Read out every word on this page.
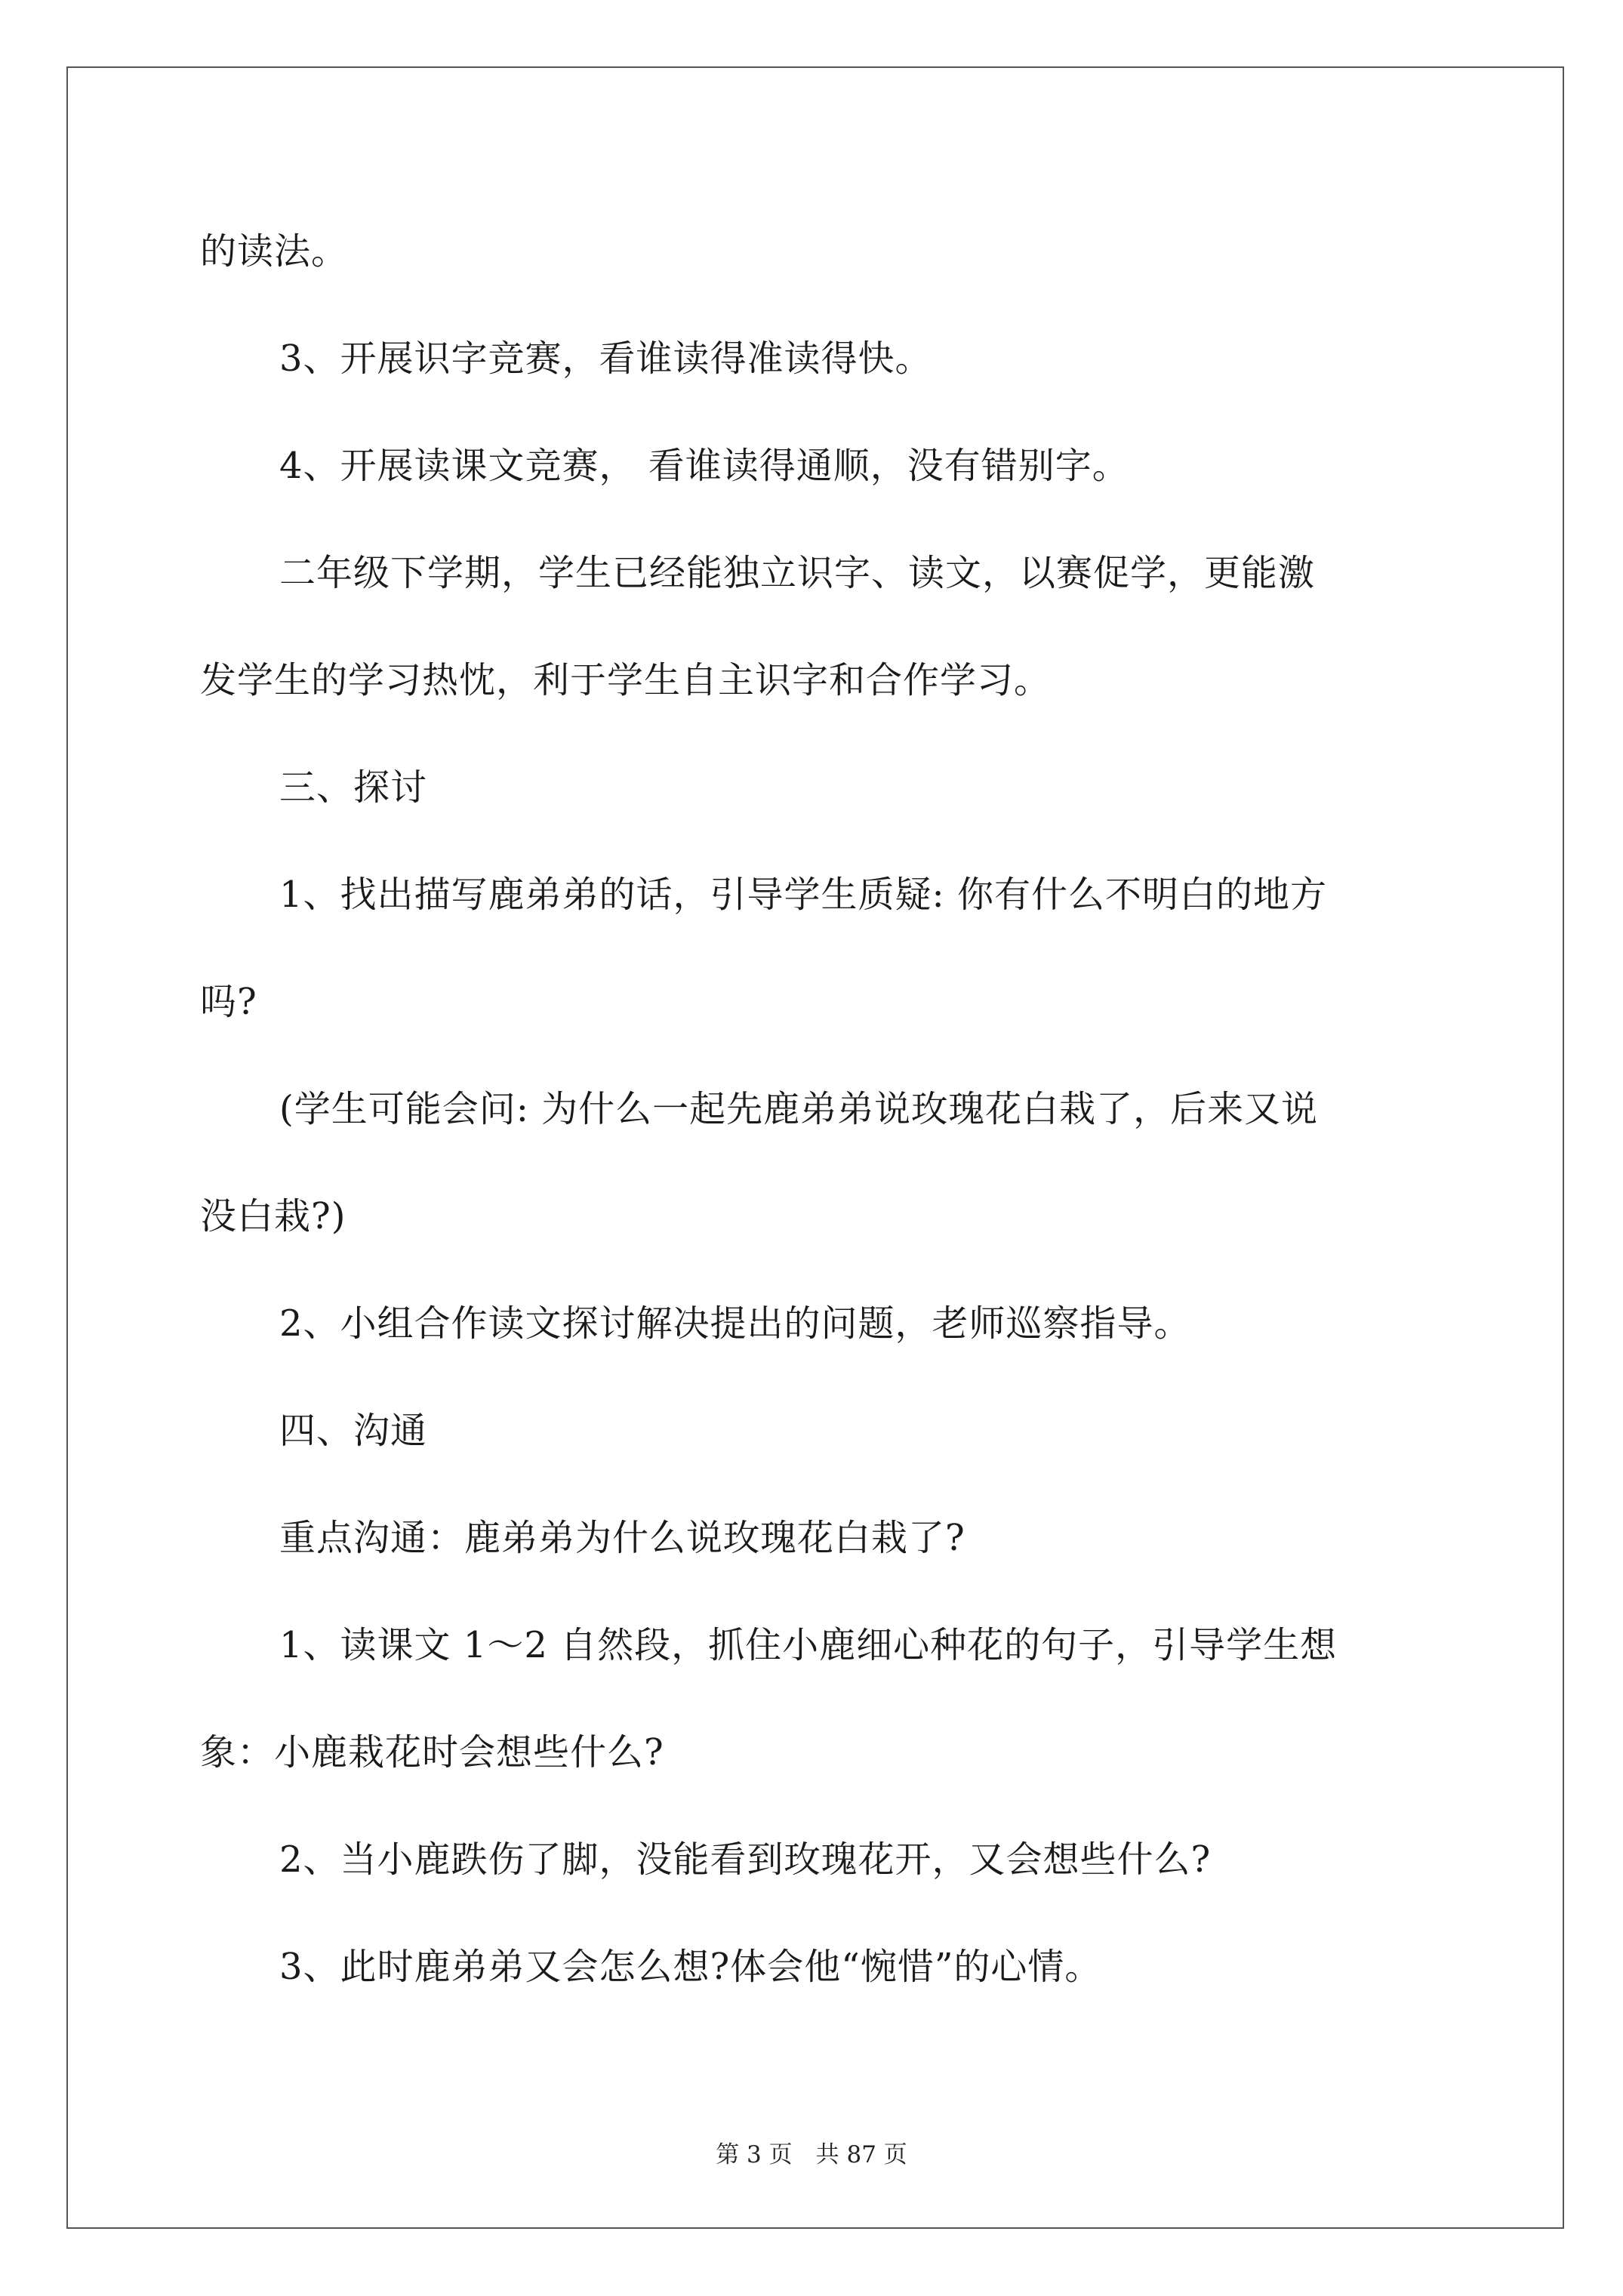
的读法。
3、开展识字竞赛，看谁读得准读得快。
4、开展读课文竞赛， 看谁读得通顺，没有错别字。
二年级下学期，学生已经能独立识字、读文，以赛促学，更能激
发学生的学习热忱，利于学生自主识字和合作学习。
三、探讨
1、找出描写鹿弟弟的话，引导学生质疑: 你有什么不明白的地方
吗?
(学生可能会问: 为什么一起先鹿弟弟说玫瑰花白栽了，后来又说
没白栽?)
2、小组合作读文探讨解决提出的问题，老师巡察指导。
四、沟通
重点沟通：鹿弟弟为什么说玫瑰花白栽了?
1、读课文 1～2 自然段，抓住小鹿细心种花的句子，引导学生想
象：小鹿栽花时会想些什么?
2、当小鹿跌伤了脚，没能看到玫瑰花开，又会想些什么?
3、此时鹿弟弟又会怎么想?体会他“惋惜”的心情。
第 3 页　共 87 页
